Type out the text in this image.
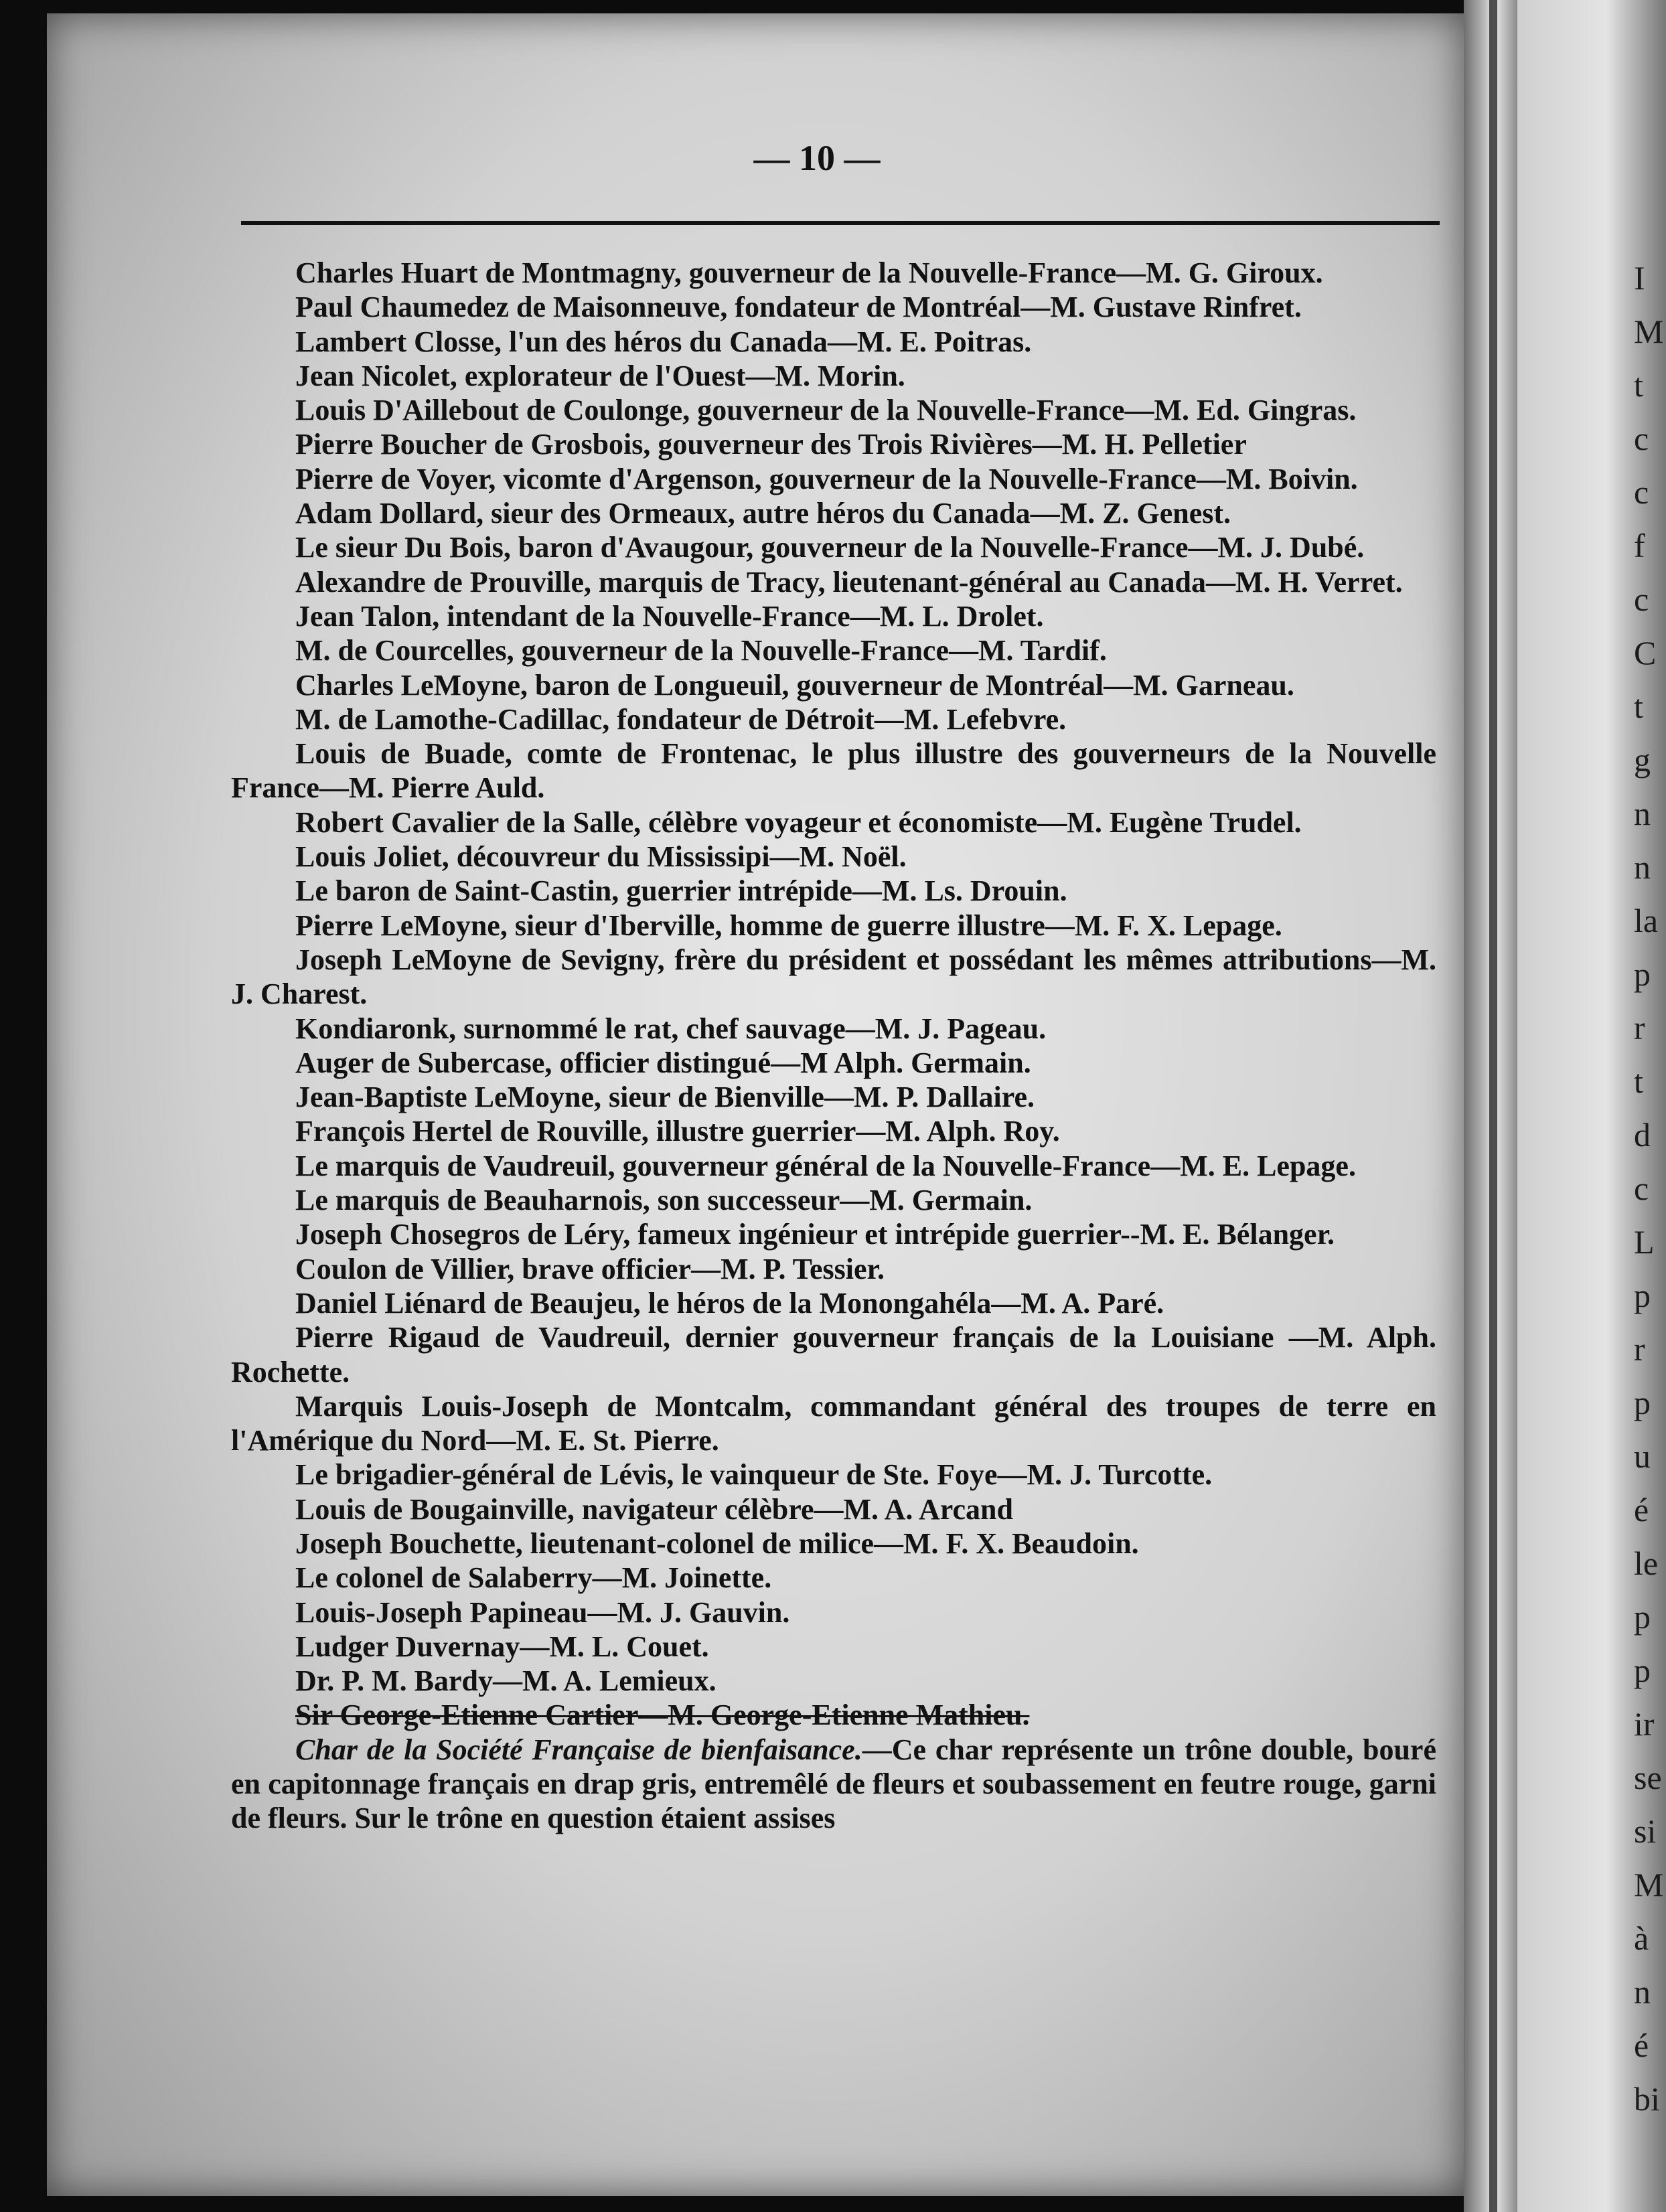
— 10 —

Charles Huart de Montmagny, gouverneur de la Nouvelle-France—M. G. Giroux.

Paul Chaumedez de Maisonneuve, fondateur de Montréal—M. Gustave Rinfret.

Lambert Closse, l'un des héros du Canada—M. E. Poitras.

Jean Nicolet, explorateur de l'Ouest—M. Morin.

Louis D'Aillebout de Coulonge, gouverneur de la Nouvelle-France—M. Ed. Gingras.

Pierre Boucher de Grosbois, gouverneur des Trois Rivières—M. H. Pelletier

Pierre de Voyer, vicomte d'Argenson, gouverneur de la Nouvelle-France—M. Boivin.

Adam Dollard, sieur des Ormeaux, autre héros du Canada—M. Z. Genest.

Le sieur Du Bois, baron d'Avaugour, gouverneur de la Nouvelle-France—M. J. Dubé.

Alexandre de Prouville, marquis de Tracy, lieutenant-général au Canada—M. H. Verret.

Jean Talon, intendant de la Nouvelle-France—M. L. Drolet.

M. de Courcelles, gouverneur de la Nouvelle-France—M. Tardif.

Charles LeMoyne, baron de Longueuil, gouverneur de Montréal—M. Garneau.

M. de Lamothe-Cadillac, fondateur de Détroit—M. Lefebvre.

Louis de Buade, comte de Frontenac, le plus illustre des gouverneurs de la Nouvelle France—M. Pierre Auld.

Robert Cavalier de la Salle, célèbre voyageur et économiste—M. Eugène Trudel.

Louis Joliet, découvreur du Mississipi—M. Noël.

Le baron de Saint-Castin, guerrier intrépide—M. Ls. Drouin.

Pierre LeMoyne, sieur d'Iberville, homme de guerre illustre—M. F. X. Lepage.

Joseph LeMoyne de Sevigny, frère du président et possédant les mêmes attributions—M. J. Charest.

Kondiaronk, surnommé le rat, chef sauvage—M. J. Pageau.

Auger de Subercase, officier distingué—M Alph. Germain.

Jean-Baptiste LeMoyne, sieur de Bienville—M. P. Dallaire.

François Hertel de Rouville, illustre guerrier—M. Alph. Roy.

Le marquis de Vaudreuil, gouverneur général de la Nouvelle-France—M. E. Lepage.

Le marquis de Beauharnois, son successeur—M. Germain.

Joseph Chosegros de Léry, fameux ingénieur et intrépide guerrier--M. E. Bélanger.

Coulon de Villier, brave officier—M. P. Tessier.

Daniel Liénard de Beaujeu, le héros de la Monongahéla—M. A. Paré.

Pierre Rigaud de Vaudreuil, dernier gouverneur français de la Louisiane —M. Alph. Rochette.

Marquis Louis-Joseph de Montcalm, commandant général des troupes de terre en l'Amérique du Nord—M. E. St. Pierre.

Le brigadier-général de Lévis, le vainqueur de Ste. Foye—M. J. Turcotte.

Louis de Bougainville, navigateur célèbre—M. A. Arcand

Joseph Bouchette, lieutenant-colonel de milice—M. F. X. Beaudoin.

Le colonel de Salaberry—M. Joinette.

Louis-Joseph Papineau—M. J. Gauvin.

Ludger Duvernay—M. L. Couet.

Dr. P. M. Bardy—M. A. Lemieux.

Sir George-Etienne Cartier—M. George-Etienne Mathieu.

Char de la Société Française de bienfaisance.—Ce char représente un trône double, bouré en capitonnage français en drap gris, entremêlé de fleurs et soubassement en feutre rouge, garni de fleurs. Sur le trône en question étaient assises

I
M
t
c
c
f
c
C
t
g
n
n
la
p
r
t
d
c
L
p
r
p
u
é
le
p
p
ir
se
si
M
à
n
é
bi
